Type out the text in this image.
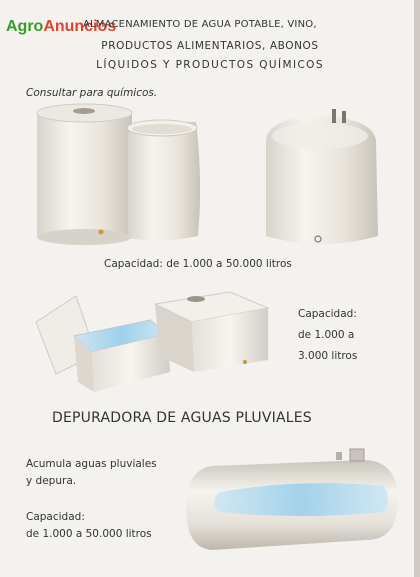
AgroAnuncios
ALMACENAMIENTO DE AGUA POTABLE, VINO,
PRODUCTOS ALIMENTARIOS, ABONOS
LÍQUIDOS Y PRODUCTOS QUÍMICOS
Consultar para químicos.
Capacidad: de 1.000 a 50.000 litros
Capacidad:
de 1.000 a
3.000 litros
DEPURADORA DE AGUAS PLUVIALES
Acumula aguas pluviales
y depura.
Capacidad:
de 1.000 a 50.000 litros
